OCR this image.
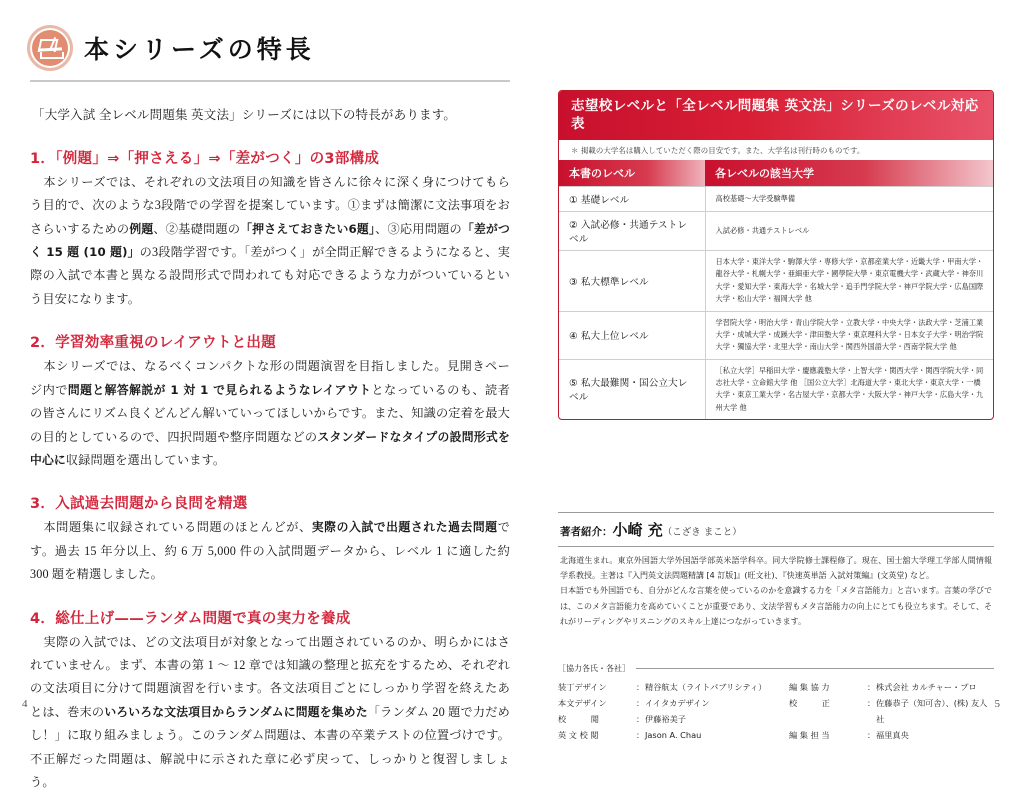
本シリーズの特長
「大学入試 全レベル問題集 英文法」シリーズには以下の特長があります。
1．「例題」⇒「押さえる」⇒「差がつく」の3部構成

本シリーズでは、それぞれの文法項目の知識を皆さんに徐々に深く身につけてもらう目的で、次のような3段階での学習を提案しています。①まずは簡潔に文法事項をおさらいするための例題、②基礎問題の「押さえておきたい6題」、③応用問題の「差がつく 15 題 (10 題)」の3段階学習です。「差がつく」が全問正解できるようになると、実際の入試で本書と異なる設問形式で問われても対応できるような力がついているという目安になります。

2．学習効率重視のレイアウトと出題

本シリーズでは、なるべくコンパクトな形の問題演習を目指しました。見開きページ内で問題と解答解説が 1 対 1 で見られるようなレイアウトとなっているのも、読者の皆さんにリズム良くどんどん解いていってほしいからです。また、知識の定着を最大の目的としているので、四択問題や整序問題などのスタンダードなタイプの設問形式を中心に収録問題を選出しています。

3．入試過去問題から良問を精選

本問題集に収録されている問題のほとんどが、実際の入試で出題された過去問題です。過去 15 年分以上、約 6 万 5,000 件の入試問題データから、レベル 1 に適した約 300 題を精選しました。

4．総仕上げ——ランダム問題で真の実力を養成

実際の入試では、どの文法項目が対象となって出題されているのか、明らかにはされていません。まず、本書の第 1 ～ 12 章では知識の整理と拡充をするため、それぞれの文法項目に分けて問題演習を行います。各文法項目ごとにしっかり学習を終えたあとは、巻末のいろいろな文法項目からランダムに問題を集めた「ランダム 20 題で力だめし！」に取り組みましょう。このランダム問題は、本書の卒業テストの位置づけです。不正解だった問題は、解説中に示された章に必ず戻って、しっかりと復習しましょう。

4
志望校レベルと「全レベル問題集 英文法」シリーズのレベル対応表
＊ 掲載の大学名は購入していただく際の目安です。また、大学名は刊行時のものです。
本書のレベル	各レベルの該当大学
① 基礎レベル	高校基礎～大学受験準備
② 入試必修・共通テストレベル	入試必修・共通テストレベル
③ 私大標準レベル	日本大学・東洋大学・駒澤大学・専修大学・京都産業大学・近畿大学・甲南大学・龍谷大学・札幌大学・亜細亜大学・國學院大學・東京電機大学・武蔵大学・神奈川大学・愛知大学・東海大学・名城大学・追手門学院大学・神戸学院大学・広島国際大学・松山大学・福岡大学 他
④ 私大上位レベル	学習院大学・明治大学・青山学院大学・立教大学・中央大学・法政大学・芝浦工業大学・成城大学・成蹊大学・津田塾大学・東京理科大学・日本女子大学・明治学院大学・獨協大学・北里大学・南山大学・関西外国語大学・西南学院大学 他
⑤ 私大最難関・国公立大レベル	［私立大学］早稲田大学・慶應義塾大学・上智大学・関西大学・関西学院大学・同志社大学・立命館大学 他 ［国公立大学］北海道大学・東北大学・東京大学・一橋大学・東京工業大学・名古屋大学・京都大学・大阪大学・神戸大学・広島大学・九州大学 他
著者紹介：小崎 充（こざき まこと）

北海道生まれ。東京外国語大学外国語学部英米語学科卒。同大学院修士課程修了。現在、国士舘大学理工学部人間情報学系教授。主著は『入門英文法問題精講 [4 訂版]』(旺文社)、『快速英単語 入試対策編』(文英堂) など。

日本語でも外国語でも、自分がどんな言葉を使っているのかを意識する力を「メタ言語能力」と言います。言葉の学びでは、このメタ言語能力を高めていくことが重要であり、文法学習もメタ言語能力の向上にとても役立ちます。そして、それがリーディングやリスニングのスキル上達につながっていきます。

［協力各氏・各社］
装丁デザイン	： 精谷航太（ライトパブリシティ）
本文デザイン	： イイタカデザイン
校　　　閲	： 伊藤裕美子
英 文 校 閲	： Jason A. Chau
編 集 協 力	： 株式会社 カルチャー・プロ
校　　　正	： 佐藤恭子（知可舎）、(株) 友人社
編 集 担 当	： 福里真央
5
